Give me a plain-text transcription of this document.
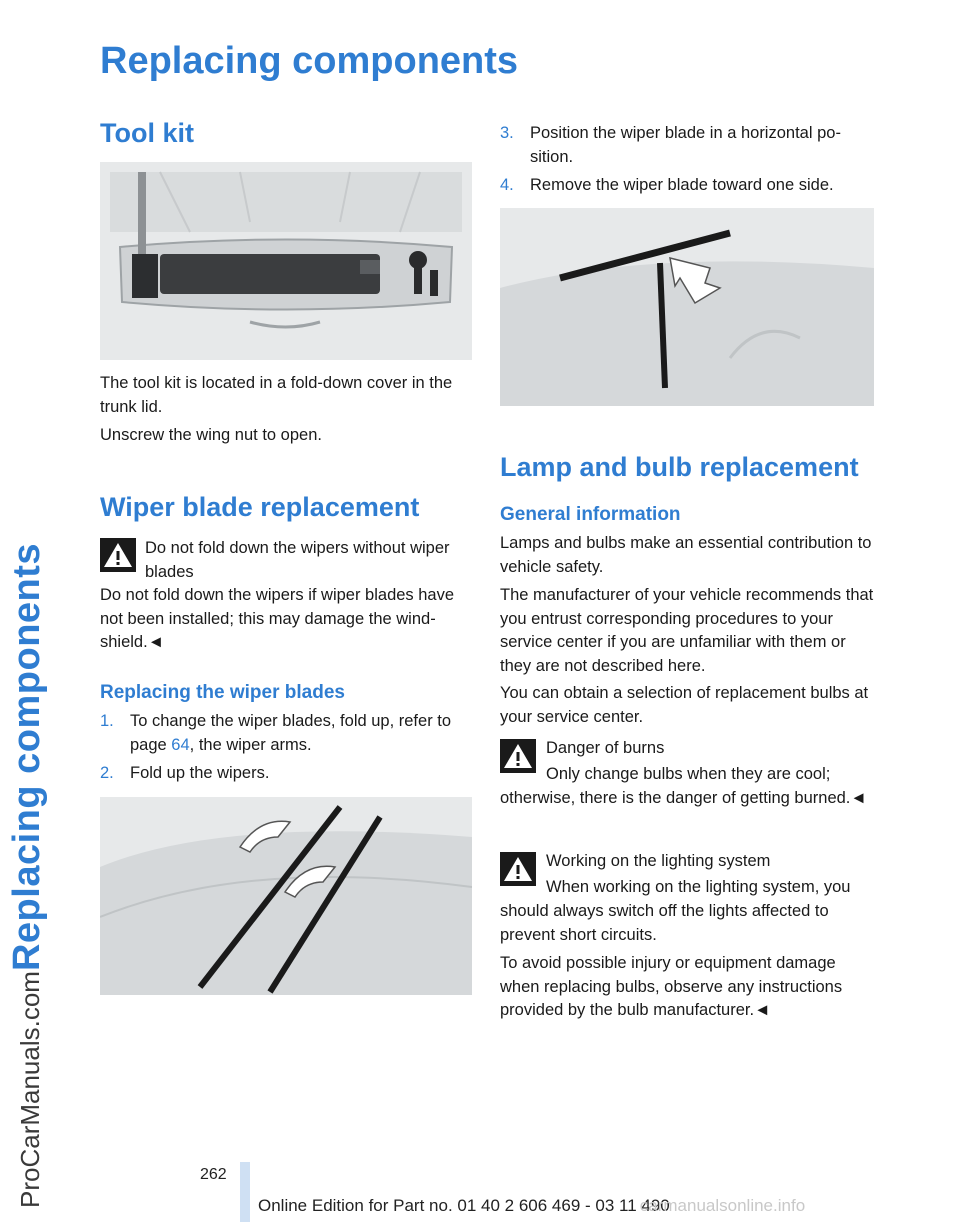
ProCarManuals.comReplacing components
Replacing components
Tool kit

The tool kit is located in a fold-down cover in the trunk lid.

Unscrew the wing nut to open.

Wiper blade replacement

Do not fold down the wipers without wiper blades

Do not fold down the wipers if wiper blades have not been installed; this may damage the wind-shield.◄

Replacing the wiper blades
1. To change the wiper blades, fold up, refer to
page 64, the wiper arms.
2. Fold up the wipers.
3. Position the wiper blade in a horizontal po-
sition.
4. Remove the wiper blade toward one side.
Lamp and bulb replacement
General information

Lamps and bulbs make an essential contribution to vehicle safety.

The manufacturer of your vehicle recommends that you entrust corresponding procedures to your service center if you are unfamiliar with them or they are not described here.

You can obtain a selection of replacement bulbs at your service center.

Danger of burns

Only change bulbs when they are cool;

otherwise, there is the danger of getting burned.◄

Working on the lighting system

When working on the lighting system, you

should always switch off the lights affected to prevent short circuits.

To avoid possible injury or equipment damage when replacing bulbs, observe any instructions provided by the bulb manufacturer.◄

262
Online Edition for Part no. 01 40 2 606 469 - 03 11 490carmanualsonline.info
